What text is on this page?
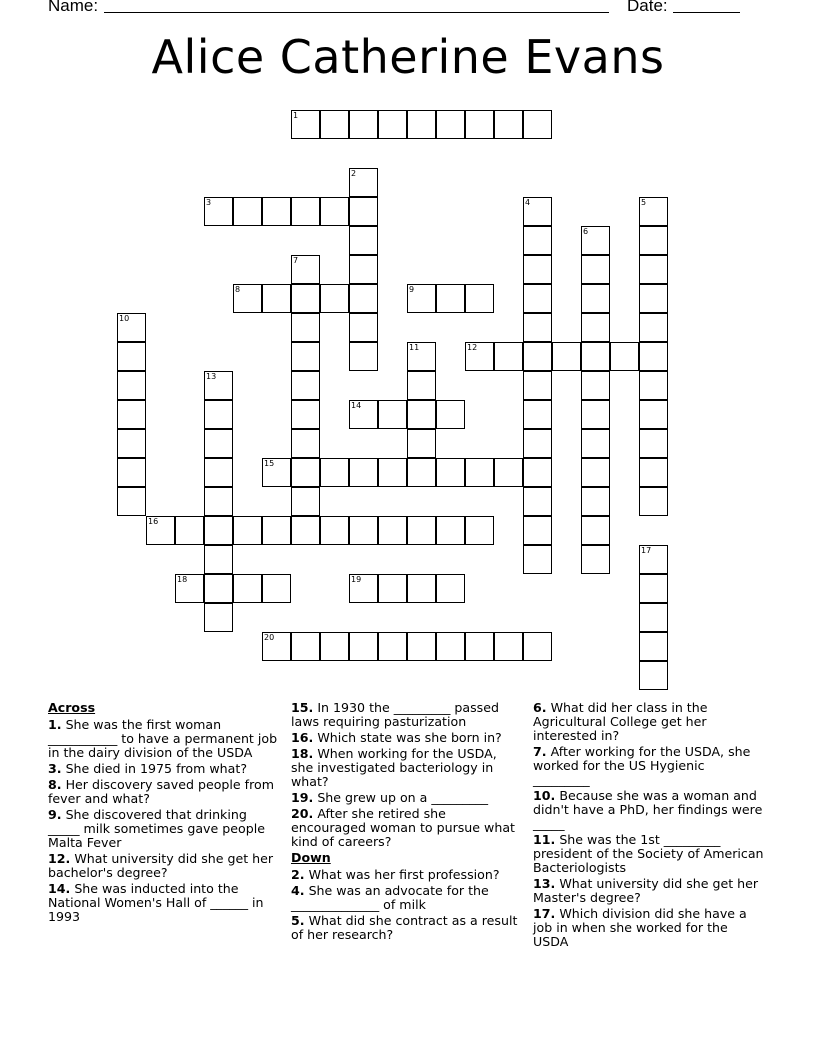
Name:	Date:
Alice Catherine Evans
1
2
3	4	5
6
7
8	9
10
11	12
13
14
15
16
17
18	19
20
Across
1. She was the first woman ___________ to have a permanent job in the dairy division of the USDA
3. She died in 1975 from what?
8. Her discovery saved people from fever and what?
9. She discovered that drinking _____ milk sometimes gave people Malta Fever
12. What university did she get her bachelor's degree?
14. She was inducted into the National Women's Hall of ______ in 1993
15. In 1930 the _________ passed laws requiring pasturization
16. Which state was she born in?
18. When working for the USDA, she investigated bacteriology in what?
19. She grew up on a _________
20. After she retired she encouraged woman to pursue what kind of careers?
Down
2. What was her first profession?
4. She was an advocate for the ______________ of milk
5. What did she contract as a result of her research?
6. What did her class in the Agricultural College get her interested in?
7. After working for the USDA, she worked for the US Hygienic _________
10. Because she was a woman and didn't have a PhD, her findings were _____
11. She was the 1st _________ president of the Society of American Bacteriologists
13. What university did she get her Master's degree?
17. Which division did she have a job in when she worked for the USDA
